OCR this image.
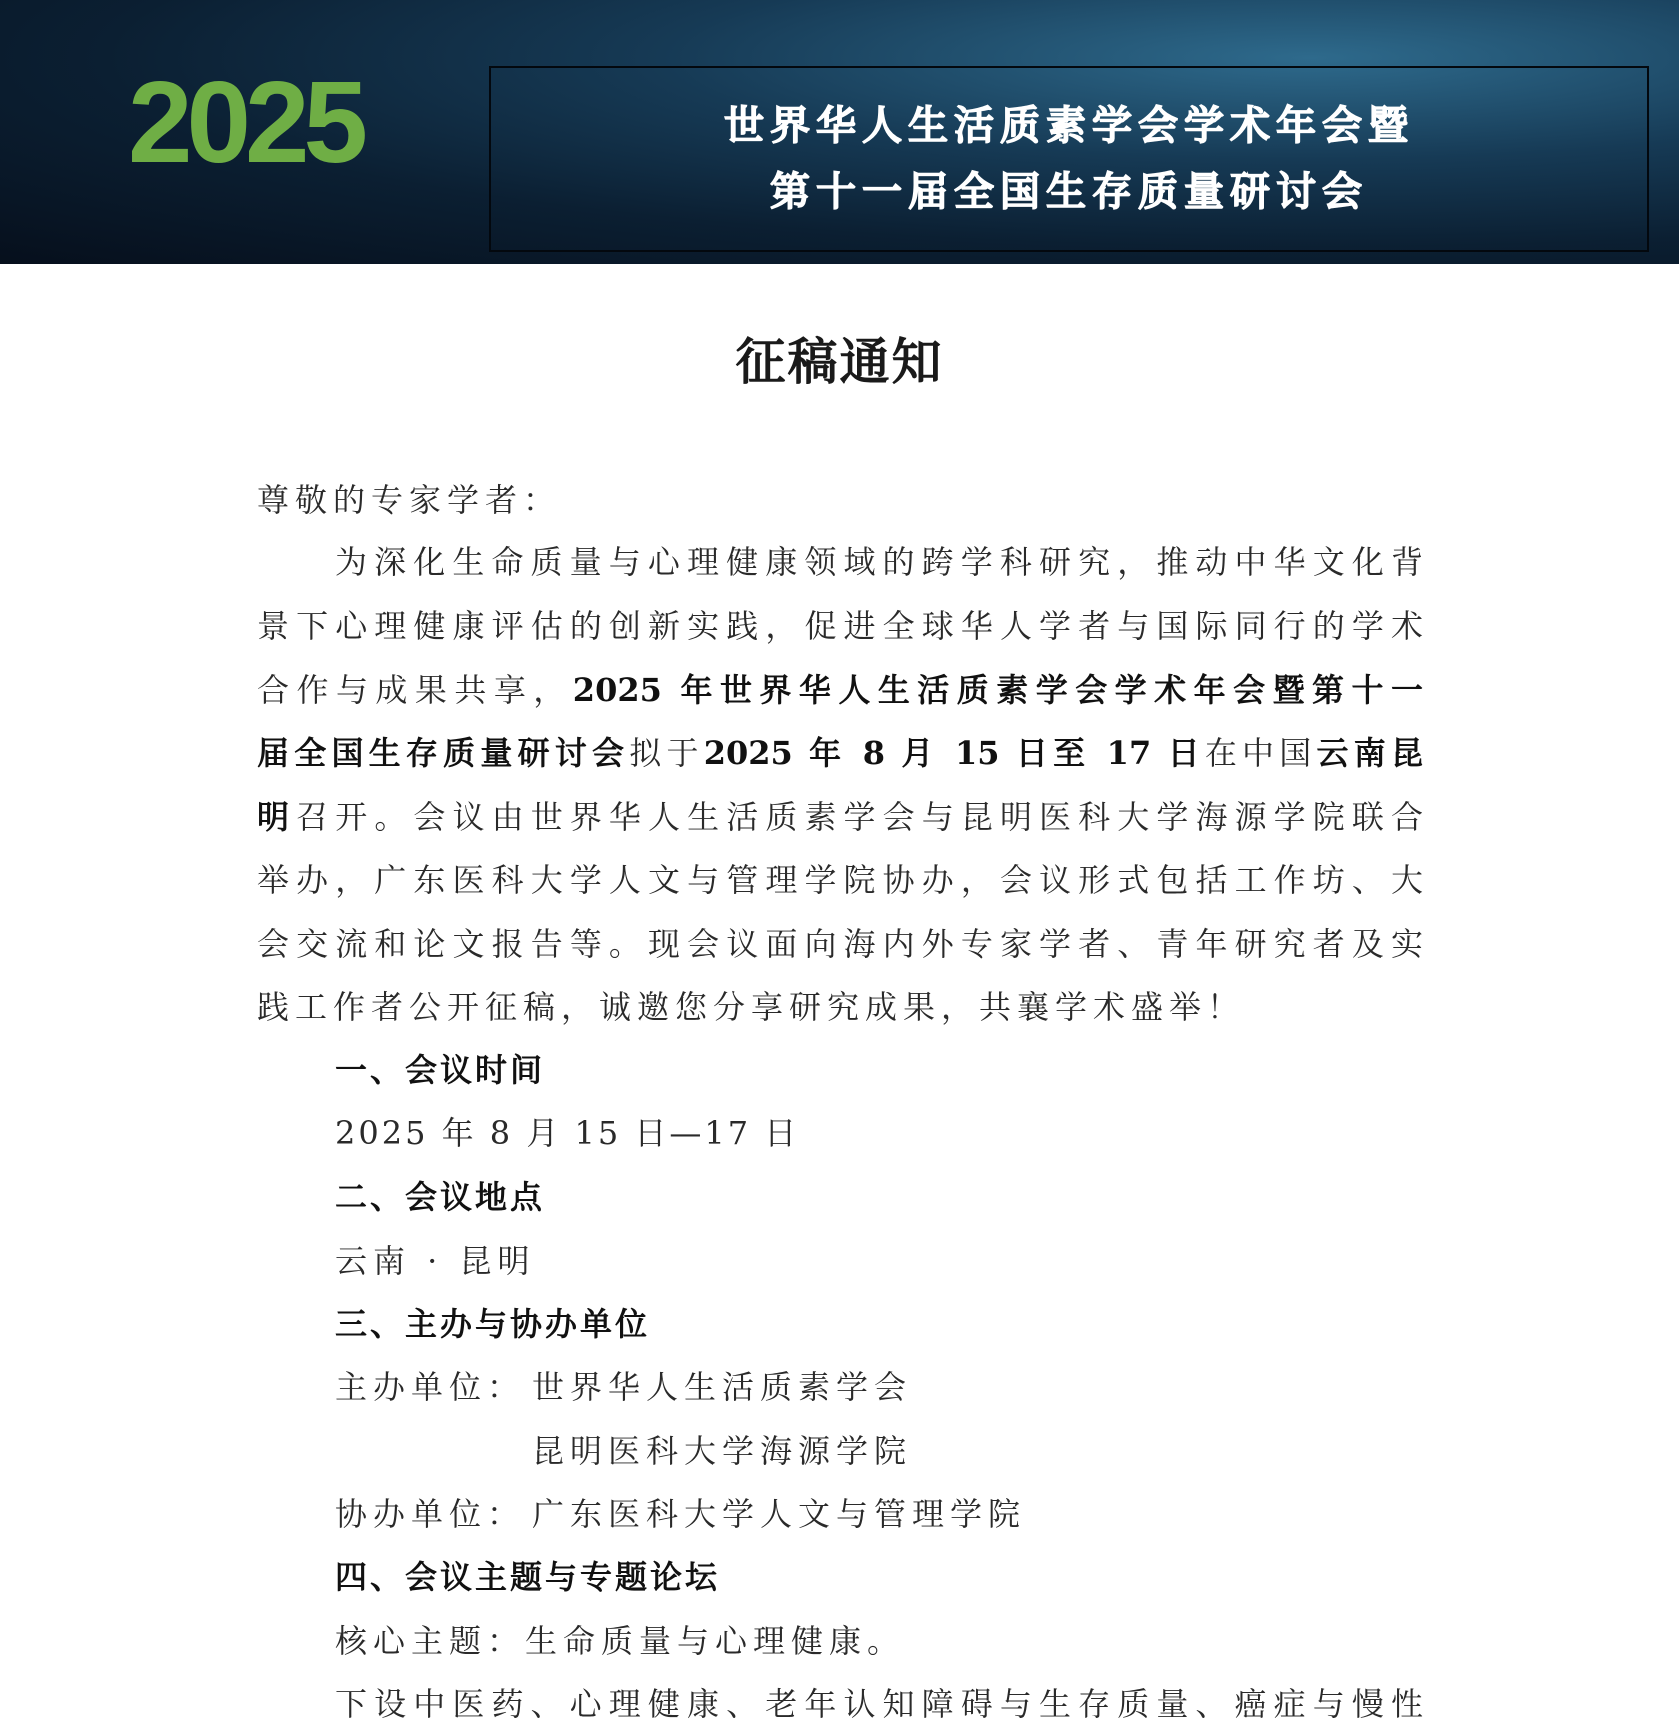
2025	世界华人生活质素学会学术年会暨
第十一届全国生存质量研讨会
征稿通知
尊敬的专家学者：
为深化生命质量与心理健康领域的跨学科研究，推动中华文化背
景下心理健康评估的创新实践，促进全球华人学者与国际同行的学术
合作与成果共享，2025 年世界华人生活质素学会学术年会暨第十一
届全国生存质量研讨会拟于2025 年 8 月 15 日至 17 日在中国云南昆
明召开。会议由世界华人生活质素学会与昆明医科大学海源学院联合
举办，广东医科大学人文与管理学院协办，会议形式包括工作坊、大
会交流和论文报告等。现会议面向海内外专家学者、青年研究者及实
践工作者公开征稿，诚邀您分享研究成果，共襄学术盛举！
一、会议时间
2025 年 8 月 15 日—17 日
二、会议地点
云南 · 昆明
三、主办与协办单位
主办单位： 世界华人生活质素学会
昆明医科大学海源学院
协办单位： 广东医科大学人文与管理学院
四、会议主题与专题论坛
核心主题：生命质量与心理健康。
下设中医药、心理健康、老年认知障碍与生存质量、癌症与慢性
